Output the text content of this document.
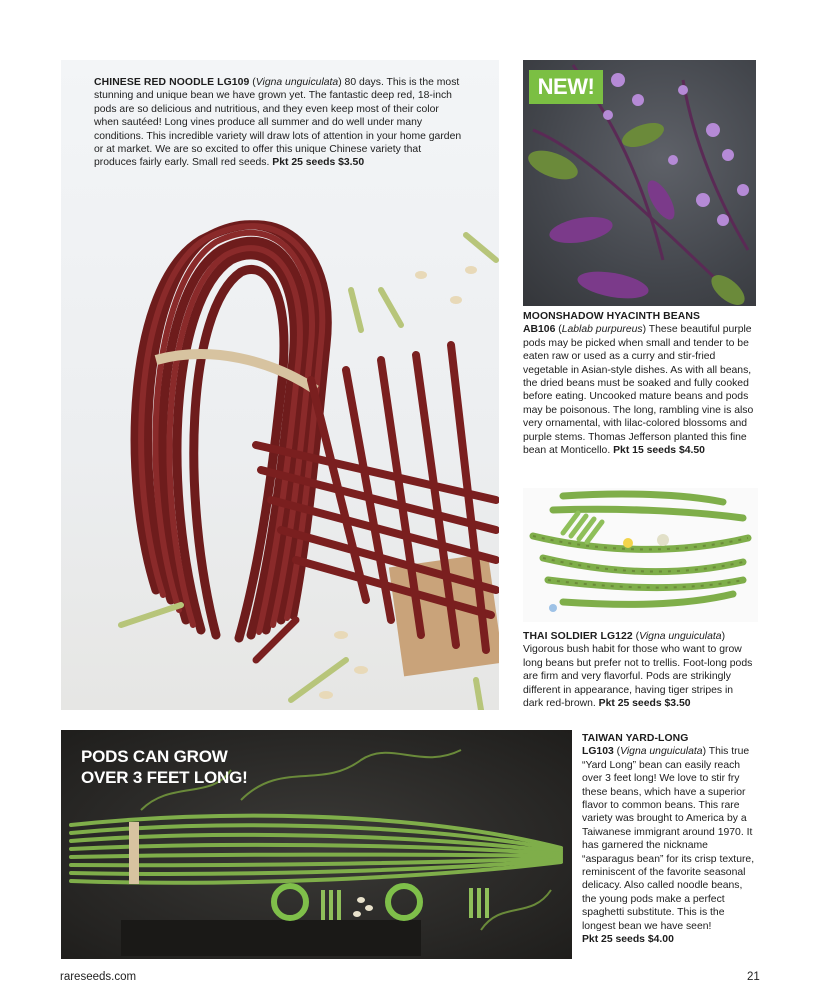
CHINESE RED NOODLE LG109 (Vigna unguiculata) 80 days. This is the most stunning and unique bean we have grown yet. The fantastic deep red, 18-inch pods are so delicious and nutritious, and they even keep most of their color when sautéed! Long vines produce all summer and do well under many conditions. This incredible variety will draw lots of attention in your home garden or at market. We are so excited to offer this unique Chinese variety that produces fairly early. Small red seeds. Pkt 25 seeds $3.50
NEW!
MOONSHADOW HYACINTH BEANS
AB106 (Lablab purpureus) These beautiful purple pods may be picked when small and tender to be eaten raw or used as a curry and stir-fried vegetable in Asian-style dishes. As with all beans, the dried beans must be soaked and fully cooked before eating. Uncooked mature beans and pods may be poisonous. The long, rambling vine is also very ornamental, with lilac-colored blossoms and purple stems. Thomas Jefferson planted this fine bean at Monticello. Pkt 15 seeds $4.50
THAI SOLDIER LG122 (Vigna unguiculata) Vigorous bush habit for those who want to grow long beans but prefer not to trellis. Foot-long pods are firm and very flavorful. Pods are strikingly different in appearance, having tiger stripes in dark red-brown. Pkt 25 seeds $3.50
PODS CAN GROW
OVER 3 FEET LONG!
TAIWAN YARD-LONG
LG103 (Vigna unguiculata) This true “Yard Long” bean can easily reach over 3 feet long! We love to stir fry these beans, which have a superior flavor to common beans. This rare variety was brought to America by a Taiwanese immigrant around 1970. It has garnered the nickname “asparagus bean” for its crisp texture, reminiscent of the favorite seasonal delicacy. Also called noodle beans, the young pods make a perfect spaghetti substitute. This is the longest bean we have seen!
Pkt 25 seeds $4.00
rareseeds.com	21
